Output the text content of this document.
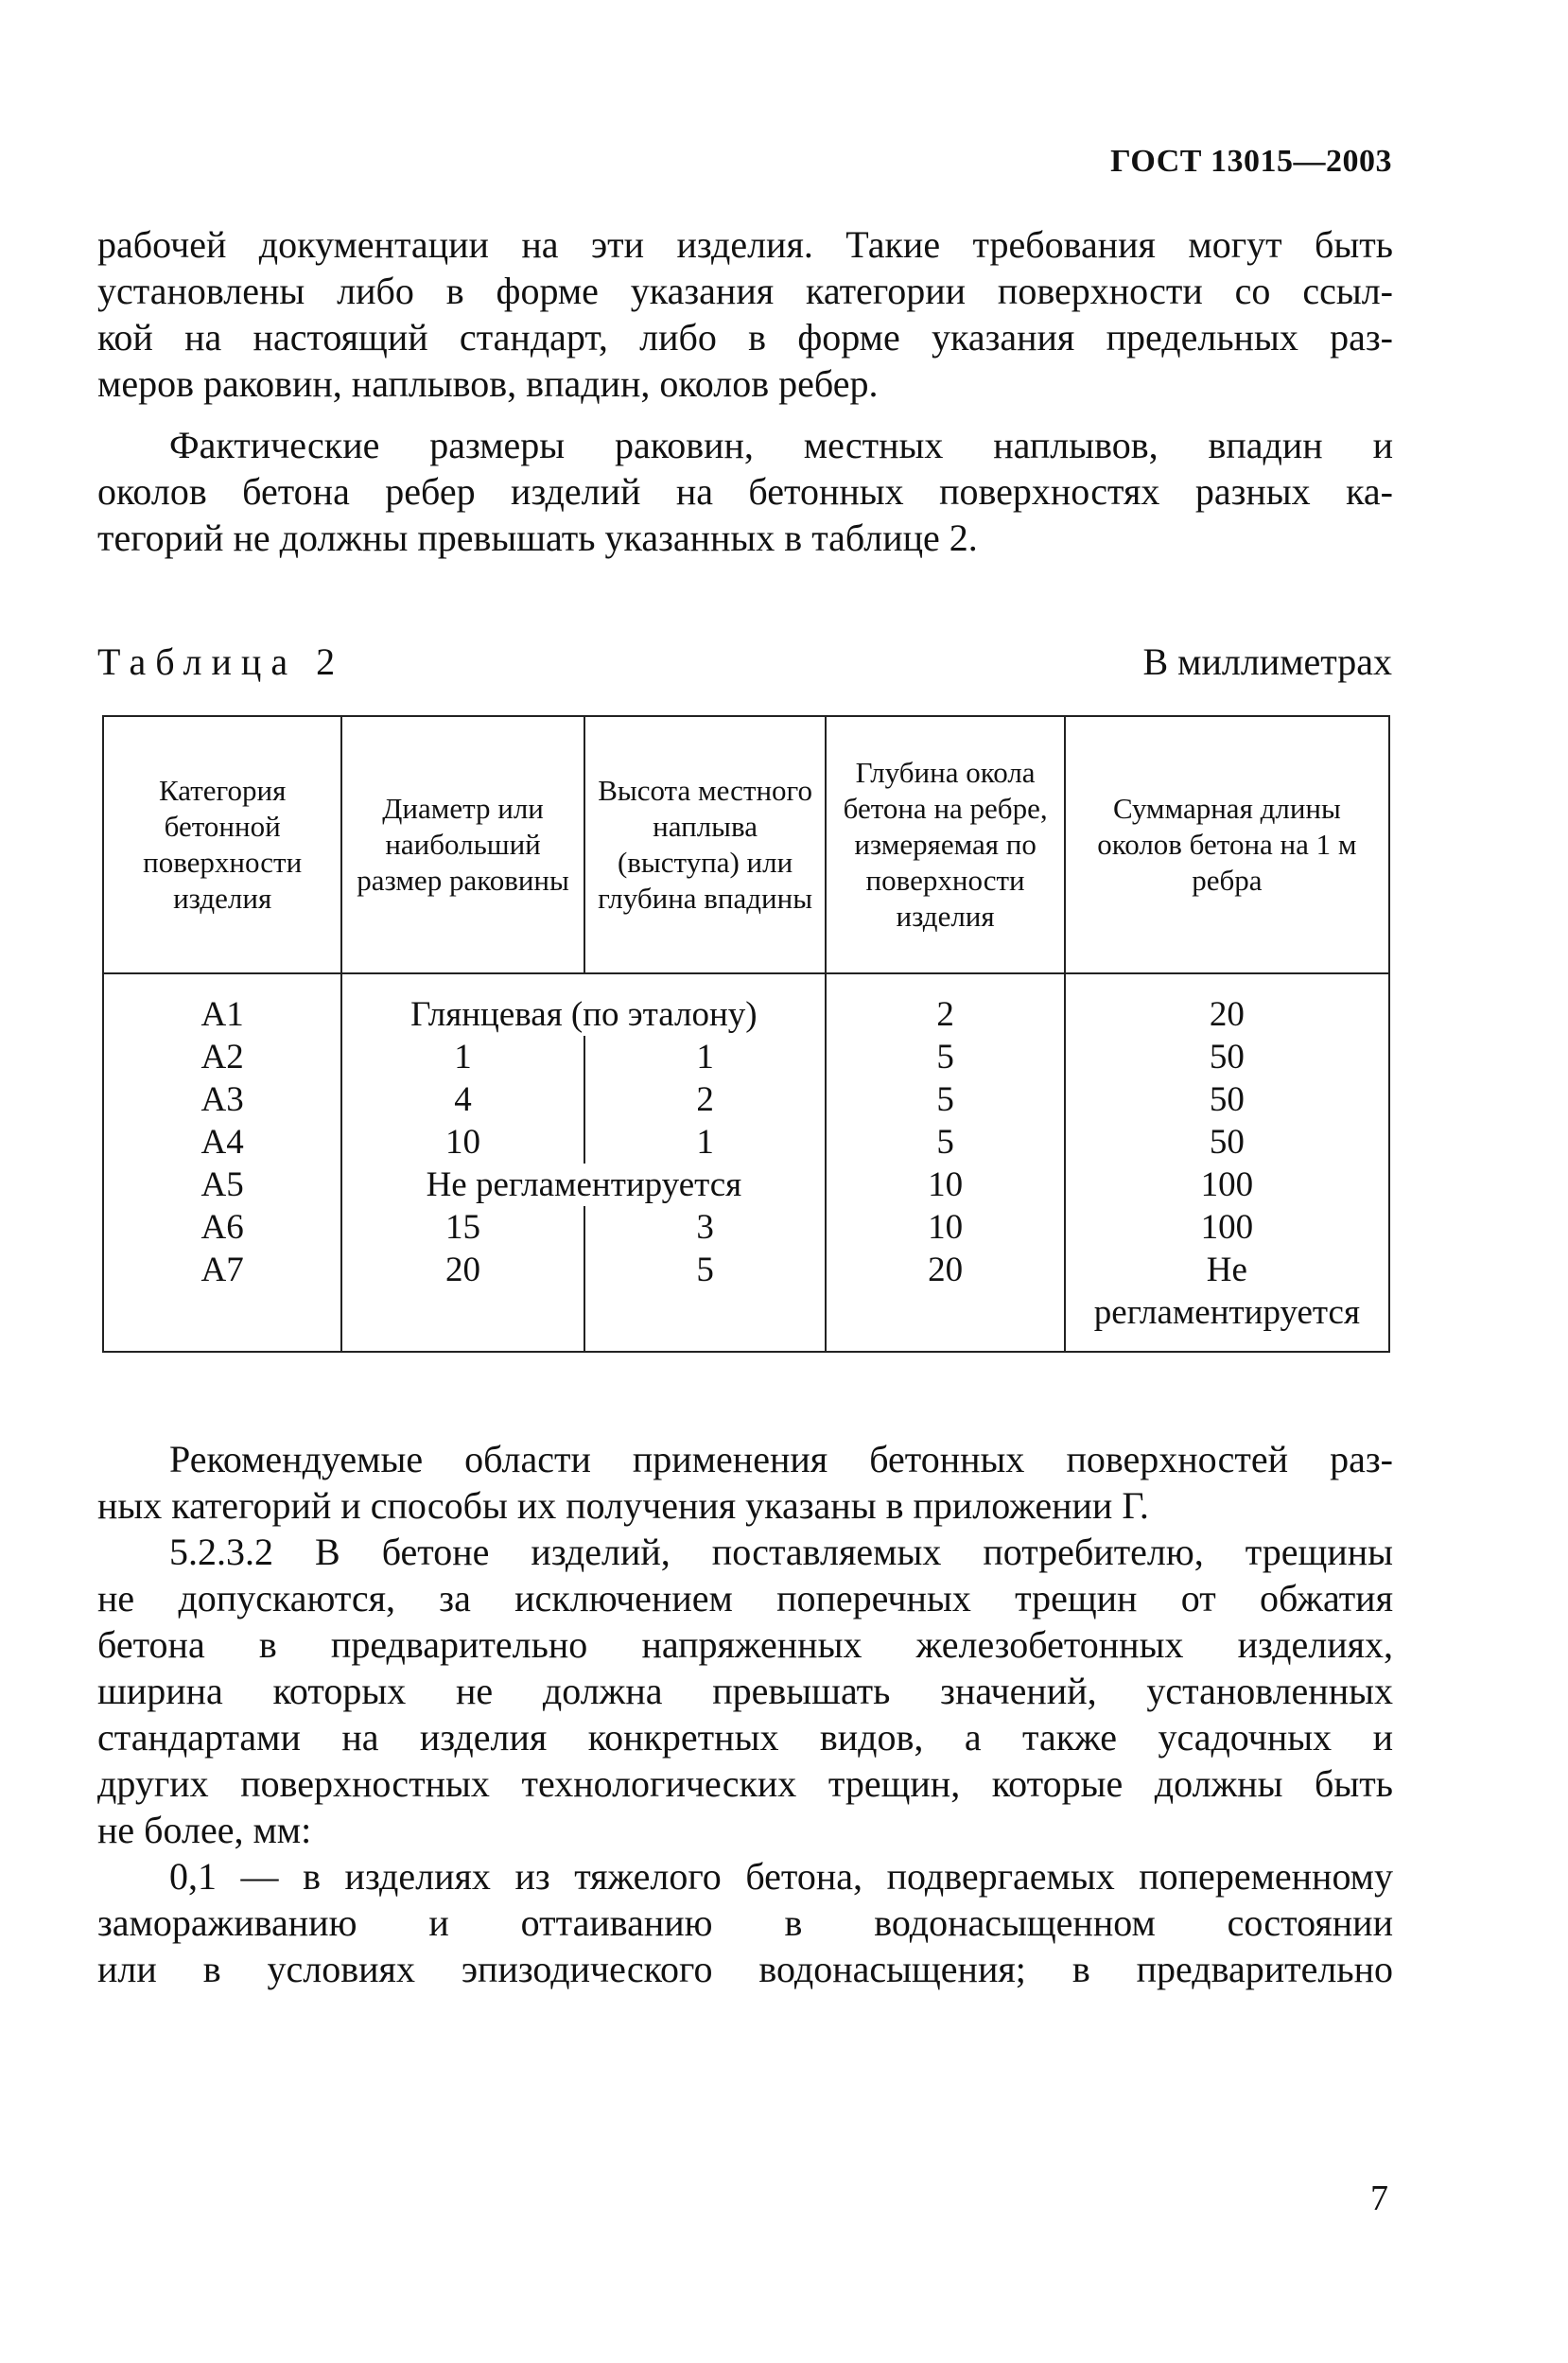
ГОСТ 13015—2003

рабочей документации на эти изделия. Такие требования могут быть

установлены либо в форме указания категории поверхности со ссыл-

кой на настоящий стандарт, либо в форме указания предельных раз-

меров раковин, наплывов, впадин, околов ребер.

Фактические размеры раковин, местных наплывов, впадин и

околов бетона ребер изделий на бетонных поверхностях разных ка-

тегорий не должны превышать указанных в таблице 2.

Таблица 2	В миллиметрах
Категория бетонной поверхности изделия	Диаметр или наибольший размер раковины	Высота местного наплыва (выступа) или глубина впадины	Глубина окола бетона на ребре, измеряемая по поверхности изделия	Суммарная длины околов бетона на 1 м ребра
А1	Глянцевая (по эталону)		2	20
А2	1	1	5	50
А3	4	2	5	50
А4	10	1	5	50
А5	Не регламентируется		10	100
А6	15	3	10	100
А7	20	5	20	Не регламентируется

Рекомендуемые области применения бетонных поверхностей раз-

ных категорий и способы их получения указаны в приложении Г.

5.2.3.2 В бетоне изделий, поставляемых потребителю, трещины

не допускаются, за исключением поперечных трещин от обжатия

бетона в предварительно напряженных железобетонных изделиях,

ширина которых не должна превышать значений, установленных

стандартами на изделия конкретных видов, а также усадочных и

других поверхностных технологических трещин, которые должны быть

не более, мм:

0,1 — в изделиях из тяжелого бетона, подвергаемых попеременному замораживанию и оттаиванию в водонасыщенном состоянии

или в условиях эпизодического водонасыщения; в предварительно

7
